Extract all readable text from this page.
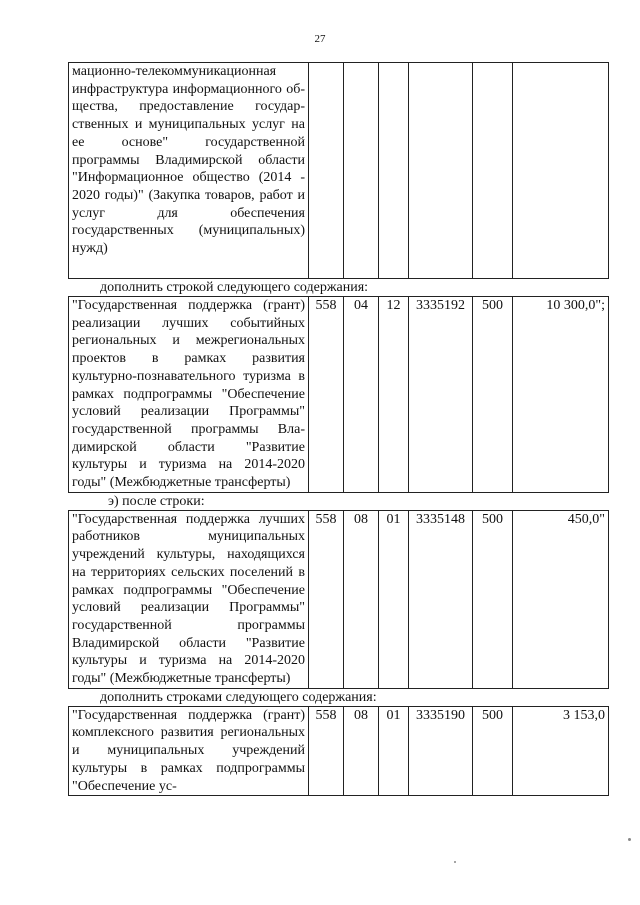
27
мационно-телекоммуникационная инфраструктура информационного общества, предоставление государственных и муниципальных услуг на ее основе" государственной программы Владимирской области "Информационное общество (2014 - 2020 годы)" (Закупка товаров, работ и услуг для обеспечения государственных (муниципальных) нужд)						
дополнить строкой следующего содержания:
"Государственная поддержка (грант) реализации лучших событийных региональных и межрегиональных проектов в рамках развития культурно-познавательного туризма в рамках подпрограммы "Обеспечение условий реализации Программы" государственной программы Владимирской области "Развитие культуры и туризма на 2014-2020 годы" (Межбюджетные трансферты)	558	04	12	3335192	500	10 300,0";
э) после строки:
"Государственная поддержка лучших работников муниципальных учреждений культуры, находящихся на территориях сельских поселений в рамках подпрограммы "Обеспечение условий реализации Программы" государственной программы Владимирской области "Развитие культуры и туризма на 2014-2020 годы" (Межбюджетные трансферты)	558	08	01	3335148	500	450,0"
дополнить строками следующего содержания:
"Государственная поддержка (грант) комплексного развития региональных и муниципальных учреждений культуры в рамках подпрограммы "Обеспечение ус-	558	08	01	3335190	500	3 153,0
